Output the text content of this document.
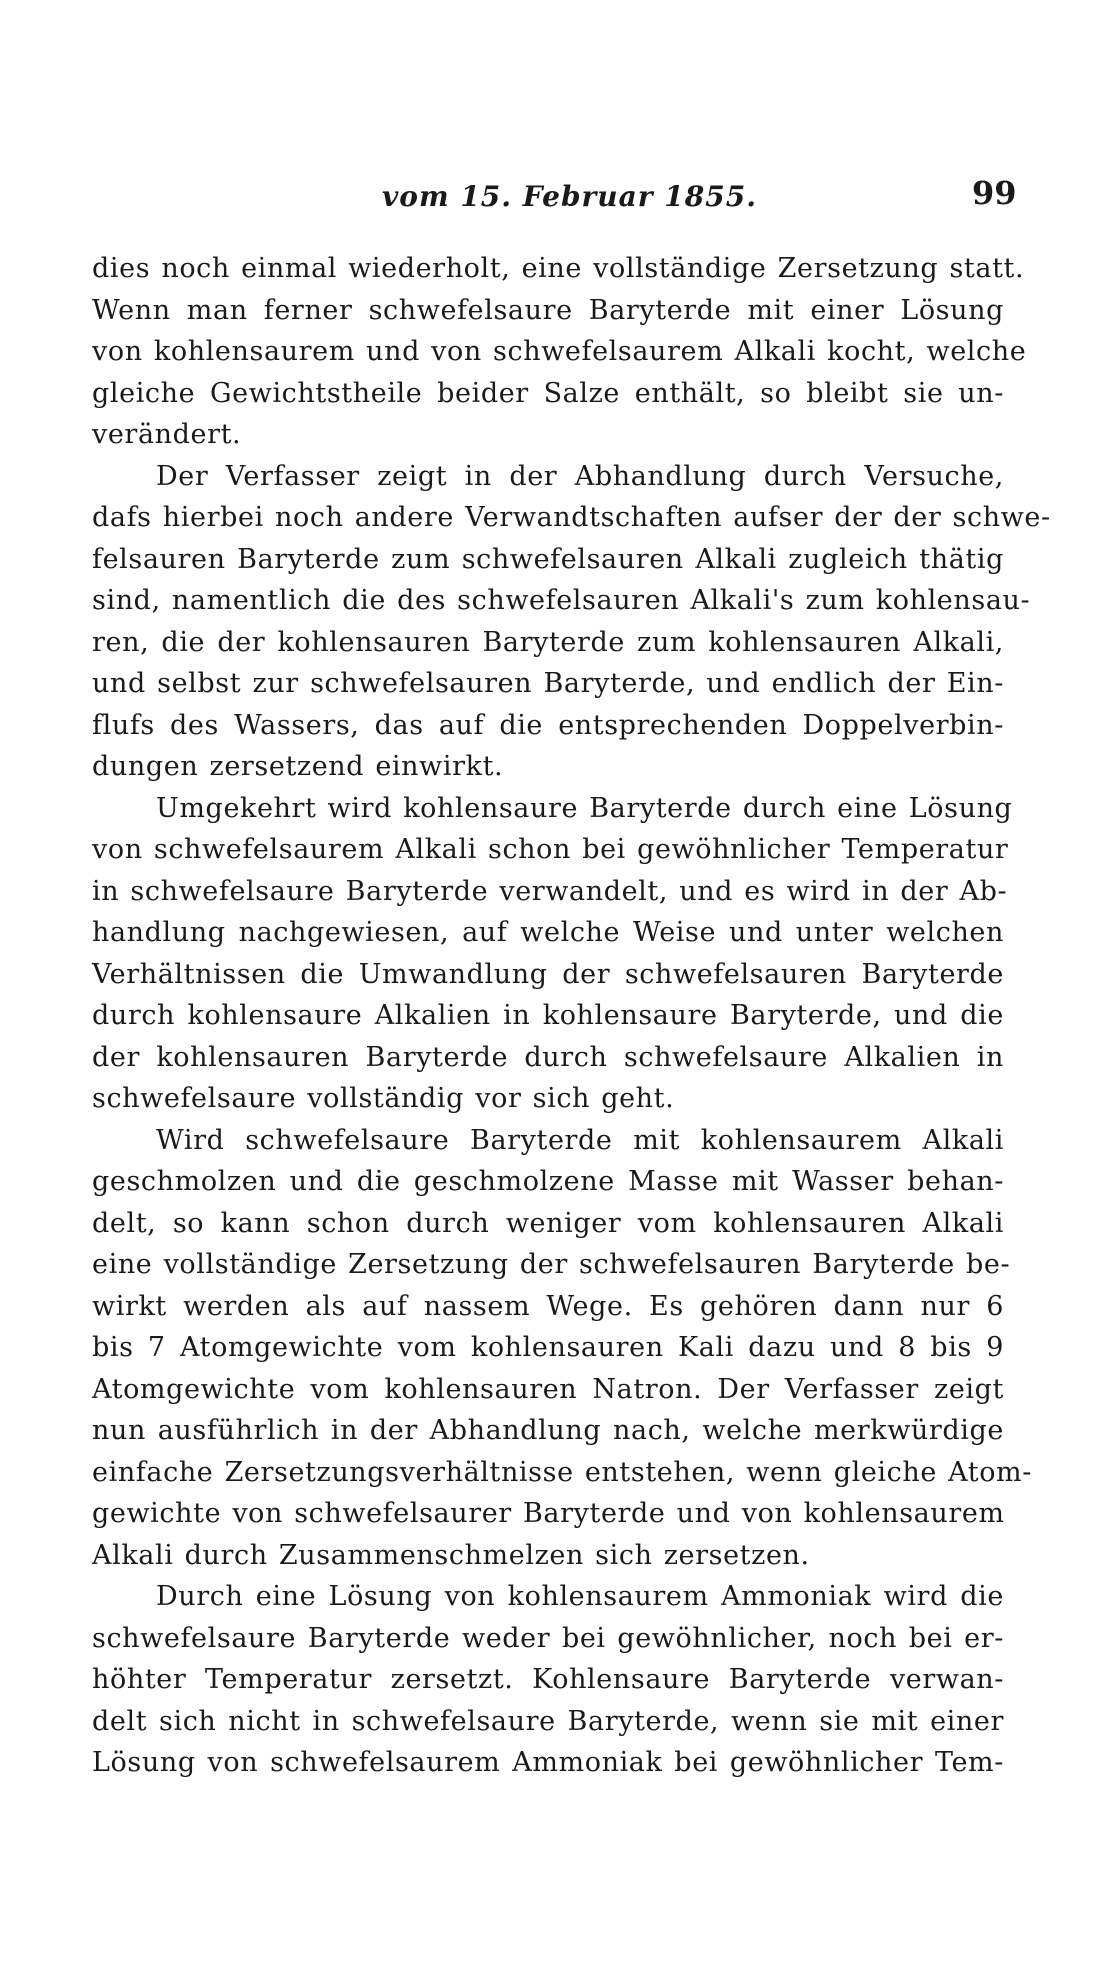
vom 15. Februar 1855.	99
dies noch einmal wiederholt, eine vollständige Zersetzung statt.
Wenn man ferner schwefelsaure Baryterde mit einer Lösung
von kohlensaurem und von schwefelsaurem Alkali kocht, welche
gleiche Gewichtstheile beider Salze enthält, so bleibt sie un-
verändert.
Der Verfasser zeigt in der Abhandlung durch Versuche,
dafs hierbei noch andere Verwandtschaften aufser der der schwe-
felsauren Baryterde zum schwefelsauren Alkali zugleich thätig
sind, namentlich die des schwefelsauren Alkali's zum kohlensau-
ren, die der kohlensauren Baryterde zum kohlensauren Alkali,
und selbst zur schwefelsauren Baryterde, und endlich der Ein-
flufs des Wassers, das auf die entsprechenden Doppelverbin-
dungen zersetzend einwirkt.
Umgekehrt wird kohlensaure Baryterde durch eine Lösung
von schwefelsaurem Alkali schon bei gewöhnlicher Temperatur
in schwefelsaure Baryterde verwandelt, und es wird in der Ab-
handlung nachgewiesen, auf welche Weise und unter welchen
Verhältnissen die Umwandlung der schwefelsauren Baryterde
durch kohlensaure Alkalien in kohlensaure Baryterde, und die
der kohlensauren Baryterde durch schwefelsaure Alkalien in
schwefelsaure vollständig vor sich geht.
Wird schwefelsaure Baryterde mit kohlensaurem Alkali
geschmolzen und die geschmolzene Masse mit Wasser behan-
delt, so kann schon durch weniger vom kohlensauren Alkali
eine vollständige Zersetzung der schwefelsauren Baryterde be-
wirkt werden als auf nassem Wege. Es gehören dann nur 6
bis 7 Atomgewichte vom kohlensauren Kali dazu und 8 bis 9
Atomgewichte vom kohlensauren Natron. Der Verfasser zeigt
nun ausführlich in der Abhandlung nach, welche merkwürdige
einfache Zersetzungsverhältnisse entstehen, wenn gleiche Atom-
gewichte von schwefelsaurer Baryterde und von kohlensaurem
Alkali durch Zusammenschmelzen sich zersetzen.
Durch eine Lösung von kohlensaurem Ammoniak wird die
schwefelsaure Baryterde weder bei gewöhnlicher, noch bei er-
höhter Temperatur zersetzt. Kohlensaure Baryterde verwan-
delt sich nicht in schwefelsaure Baryterde, wenn sie mit einer
Lösung von schwefelsaurem Ammoniak bei gewöhnlicher Tem-
